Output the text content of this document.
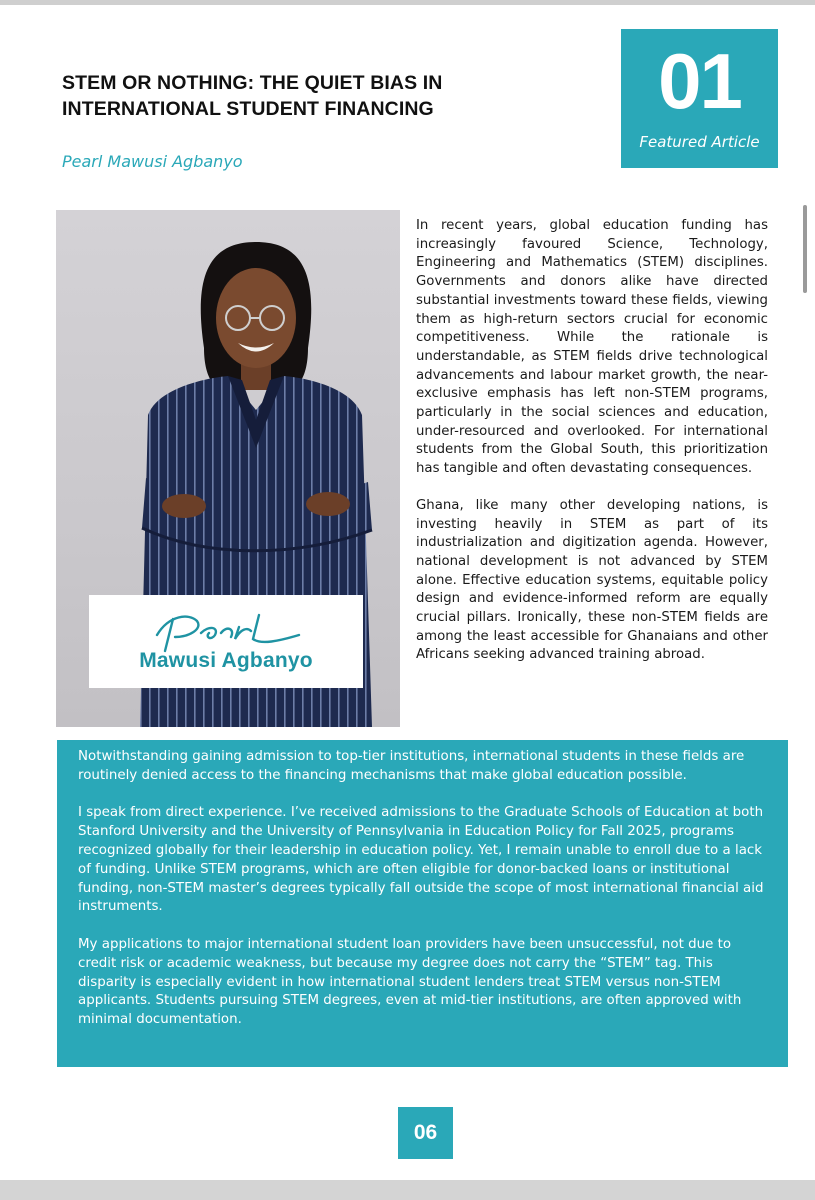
STEM OR NOTHING: THE QUIET BIAS IN INTERNATIONAL STUDENT FINANCING
Pearl Mawusi Agbanyo
01
Featured Article
Mawusi Agbanyo

In recent years, global education funding has increasingly favoured Science, Technology, Engineering and Mathematics (STEM) disciplines. Governments and donors alike have directed substantial investments toward these fields, viewing them as high-return sectors crucial for economic competitiveness. While the rationale is understandable, as STEM fields drive technological advancements and labour market growth, the near-exclusive emphasis has left non-STEM programs, particularly in the social sciences and education, under-resourced and overlooked. For international students from the Global South, this prioritization has tangible and often devastating consequences.

Ghana, like many other developing nations, is investing heavily in STEM as part of its industrialization and digitization agenda. However, national development is not advanced by STEM alone. Effective education systems, equitable policy design and evidence-informed reform are equally crucial pillars. Ironically, these non-STEM fields are among the least accessible for Ghanaians and other Africans seeking advanced training abroad.

Notwithstanding gaining admission to top-tier institutions, international students in these fields are routinely denied access to the financing mechanisms that make global education possible.

I speak from direct experience. I’ve received admissions to the Graduate Schools of Education at both Stanford University and the University of Pennsylvania in Education Policy for Fall 2025, programs recognized globally for their leadership in education policy. Yet, I remain unable to enroll due to a lack of funding. Unlike STEM programs, which are often eligible for donor-backed loans or institutional funding, non-STEM master’s degrees typically fall outside the scope of most international financial aid instruments.

My applications to major international student loan providers have been unsuccessful, not due to credit risk or academic weakness, but because my degree does not carry the “STEM” tag. This disparity is especially evident in how international student lenders treat STEM versus non-STEM applicants. Students pursuing STEM degrees, even at mid-tier institutions, are often approved with minimal documentation.

06
